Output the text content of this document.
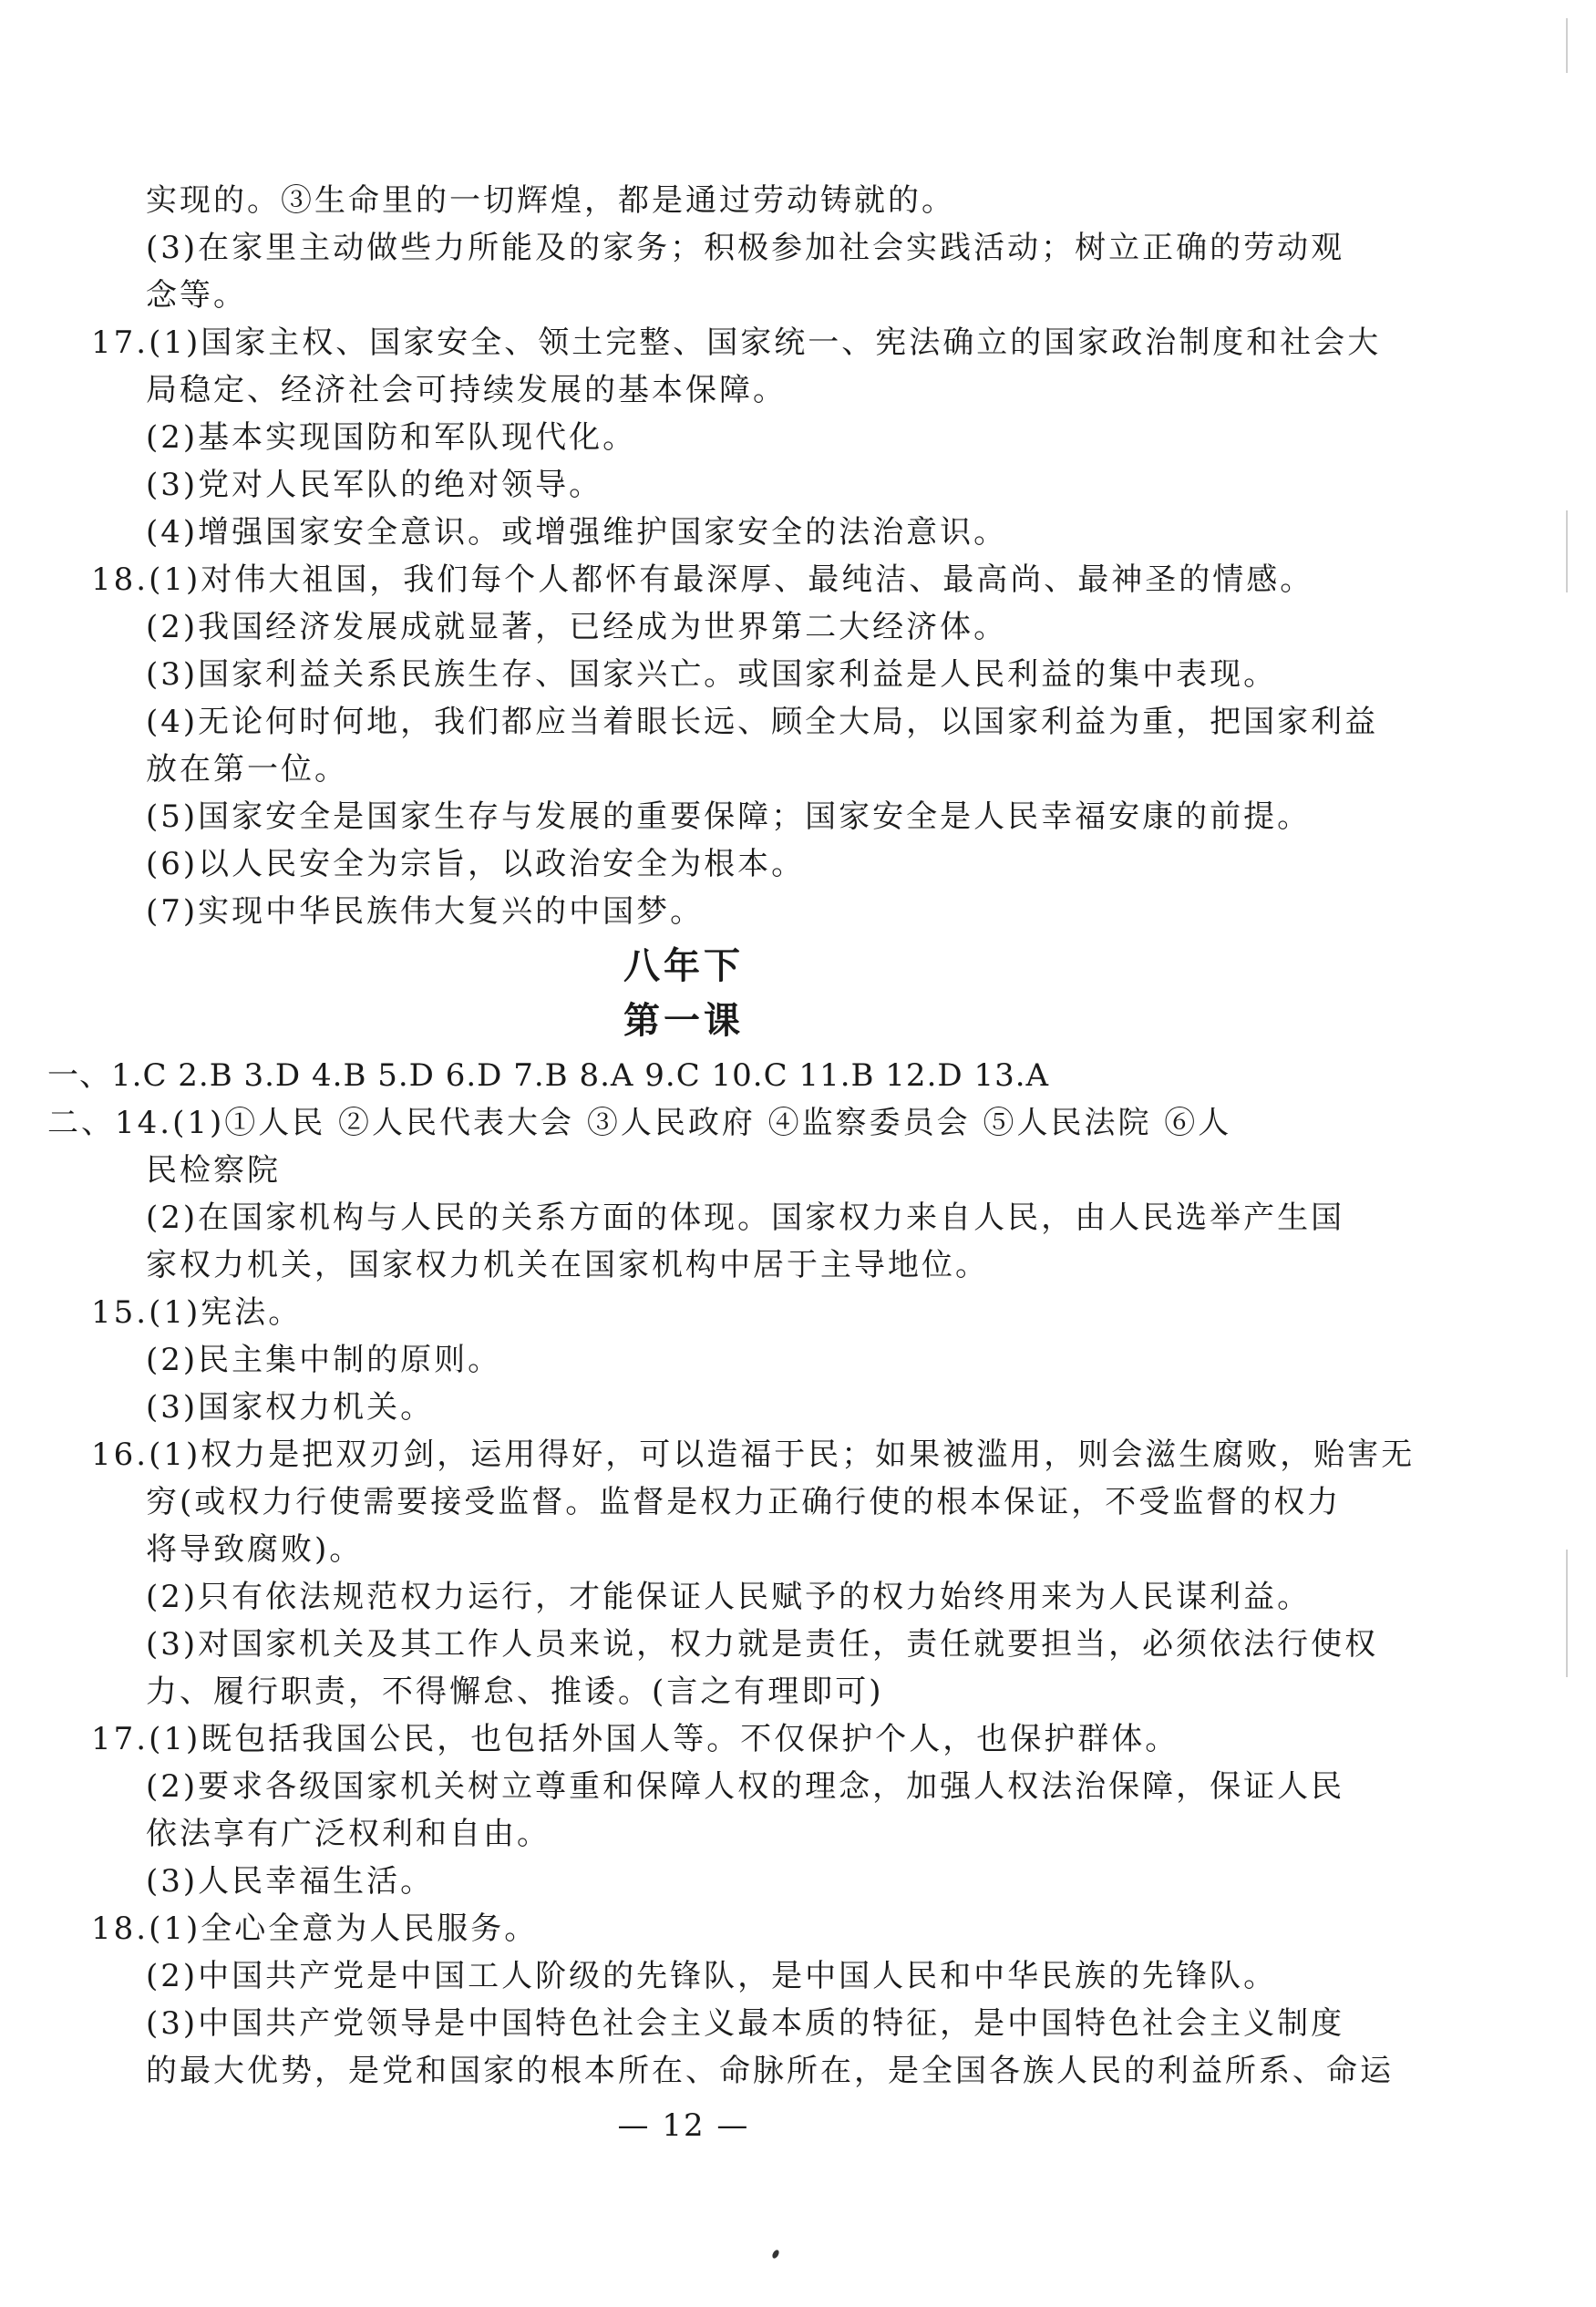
实现的。③生命里的一切辉煌，都是通过劳动铸就的。
(3)在家里主动做些力所能及的家务；积极参加社会实践活动；树立正确的劳动观
念等。
17.(1)国家主权、国家安全、领土完整、国家统一、宪法确立的国家政治制度和社会大
局稳定、经济社会可持续发展的基本保障。
(2)基本实现国防和军队现代化。
(3)党对人民军队的绝对领导。
(4)增强国家安全意识。或增强维护国家安全的法治意识。
18.(1)对伟大祖国，我们每个人都怀有最深厚、最纯洁、最高尚、最神圣的情感。
(2)我国经济发展成就显著，已经成为世界第二大经济体。
(3)国家利益关系民族生存、国家兴亡。或国家利益是人民利益的集中表现。
(4)无论何时何地，我们都应当着眼长远、顾全大局，以国家利益为重，把国家利益
放在第一位。
(5)国家安全是国家生存与发展的重要保障；国家安全是人民幸福安康的前提。
(6)以人民安全为宗旨，以政治安全为根本。
(7)实现中华民族伟大复兴的中国梦。
八年下
第一课
一、1.C 2.B 3.D 4.B 5.D 6.D 7.B 8.A 9.C 10.C 11.B 12.D 13.A
二、14.(1)①人民 ②人民代表大会 ③人民政府 ④监察委员会 ⑤人民法院 ⑥人
民检察院
(2)在国家机构与人民的关系方面的体现。国家权力来自人民，由人民选举产生国
家权力机关，国家权力机关在国家机构中居于主导地位。
15.(1)宪法。
(2)民主集中制的原则。
(3)国家权力机关。
16.(1)权力是把双刃剑，运用得好，可以造福于民；如果被滥用，则会滋生腐败，贻害无
穷(或权力行使需要接受监督。监督是权力正确行使的根本保证，不受监督的权力
将导致腐败)。
(2)只有依法规范权力运行，才能保证人民赋予的权力始终用来为人民谋利益。
(3)对国家机关及其工作人员来说，权力就是责任，责任就要担当，必须依法行使权
力、履行职责，不得懈怠、推诿。(言之有理即可)
17.(1)既包括我国公民，也包括外国人等。不仅保护个人，也保护群体。
(2)要求各级国家机关树立尊重和保障人权的理念，加强人权法治保障，保证人民
依法享有广泛权利和自由。
(3)人民幸福生活。
18.(1)全心全意为人民服务。
(2)中国共产党是中国工人阶级的先锋队，是中国人民和中华民族的先锋队。
(3)中国共产党领导是中国特色社会主义最本质的特征，是中国特色社会主义制度
的最大优势，是党和国家的根本所在、命脉所在，是全国各族人民的利益所系、命运
— 12 —
